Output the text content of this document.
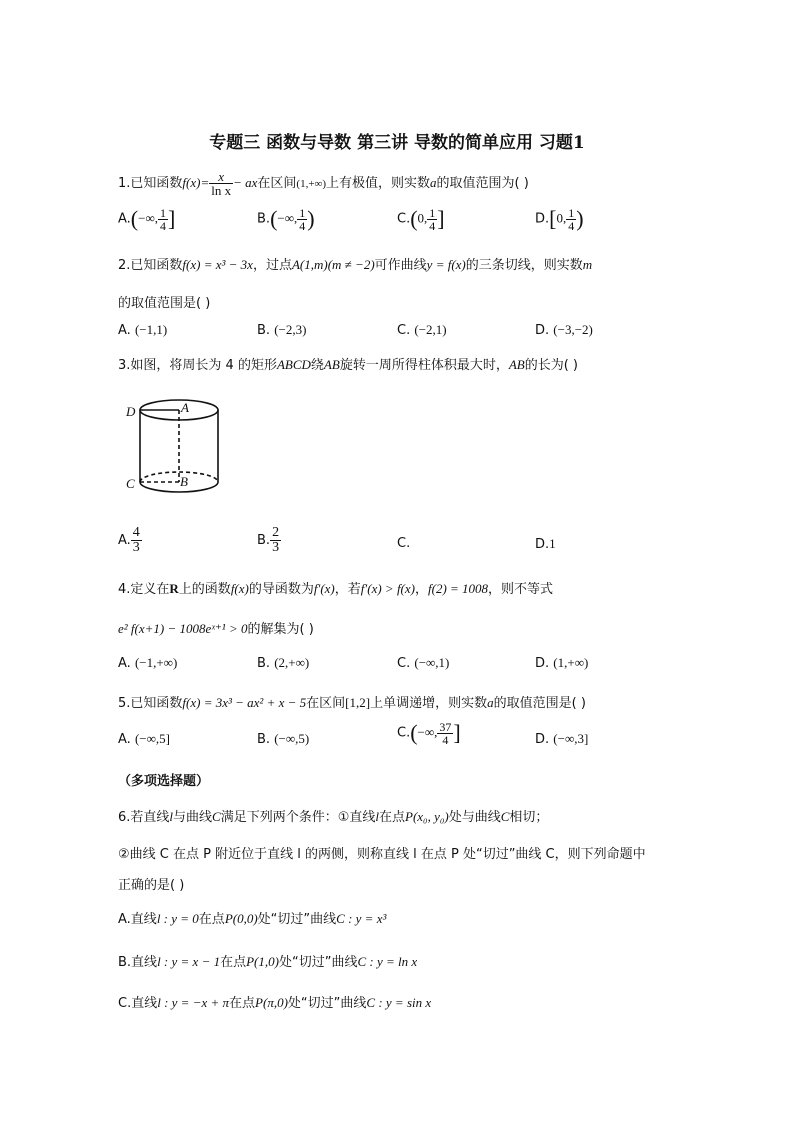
专题三 函数与导数 第三讲 导数的简单应用 习题1
1.已知函数$f(x)= \frac{x}{\text{ln x}}$ − ax在区间(1,+∞)上有极值，则实数a的取值范围为( )
A.(−∞, $\frac{1}{4}$ ]	B.(−∞, $\frac{1}{4}$ )	C.(0, $\frac{1}{4}$ ]	D.[0, $\frac{1}{4}$ )
2.已知函数f(x) = x³ − 3x，过点A(1,m)(m ≠ −2)可作曲线y = f(x)的三条切线，则实数m
的取值范围是( )
A. (−1,1)	B. (−2,3)	C. (−2,1)	D. (−3,−2)
3.如图，将周长为 4 的矩形ABCD绕AB旋转一周所得柱体积最大时，AB的长为( )
D	A
C	B
A. $\frac{4}{3}$	B. $\frac{2}{3}$	C.	D.1
4.定义在R上的函数f(x)的导函数为f′(x)，若f′(x) > f(x)，f(2) = 1008，则不等式
e² f(x+1) − 1008eˣ⁺¹ > 0的解集为( )
A. (−1,+∞)	B. (2,+∞)	C. (−∞,1)	D. (1,+∞)
5.已知函数f(x) = 3x³ − ax² + x − 5在区间[1,2]上单调递增，则实数a的取值范围是( )
A. (−∞,5]	B. (−∞,5)	C.(−∞, $\frac{37}{4}$ ]	D. (−∞,3]
（多项选择题）
6.若直线l与曲线C满足下列两个条件：①直线l在点P(x₀, y₀)处与曲线C相切；
②曲线 C 在点 P 附近位于直线 l 的两侧，则称直线 l 在点 P 处“切过”曲线 C，则下列命题中
正确的是( )
A.直线l : y = 0在点P(0,0)处“切过”曲线C : y = x³
B.直线l : y = x − 1在点P(1,0)处“切过”曲线C : y = ln x
C.直线l : y = −x + π在点P(π,0)处“切过”曲线C : y = sin x
